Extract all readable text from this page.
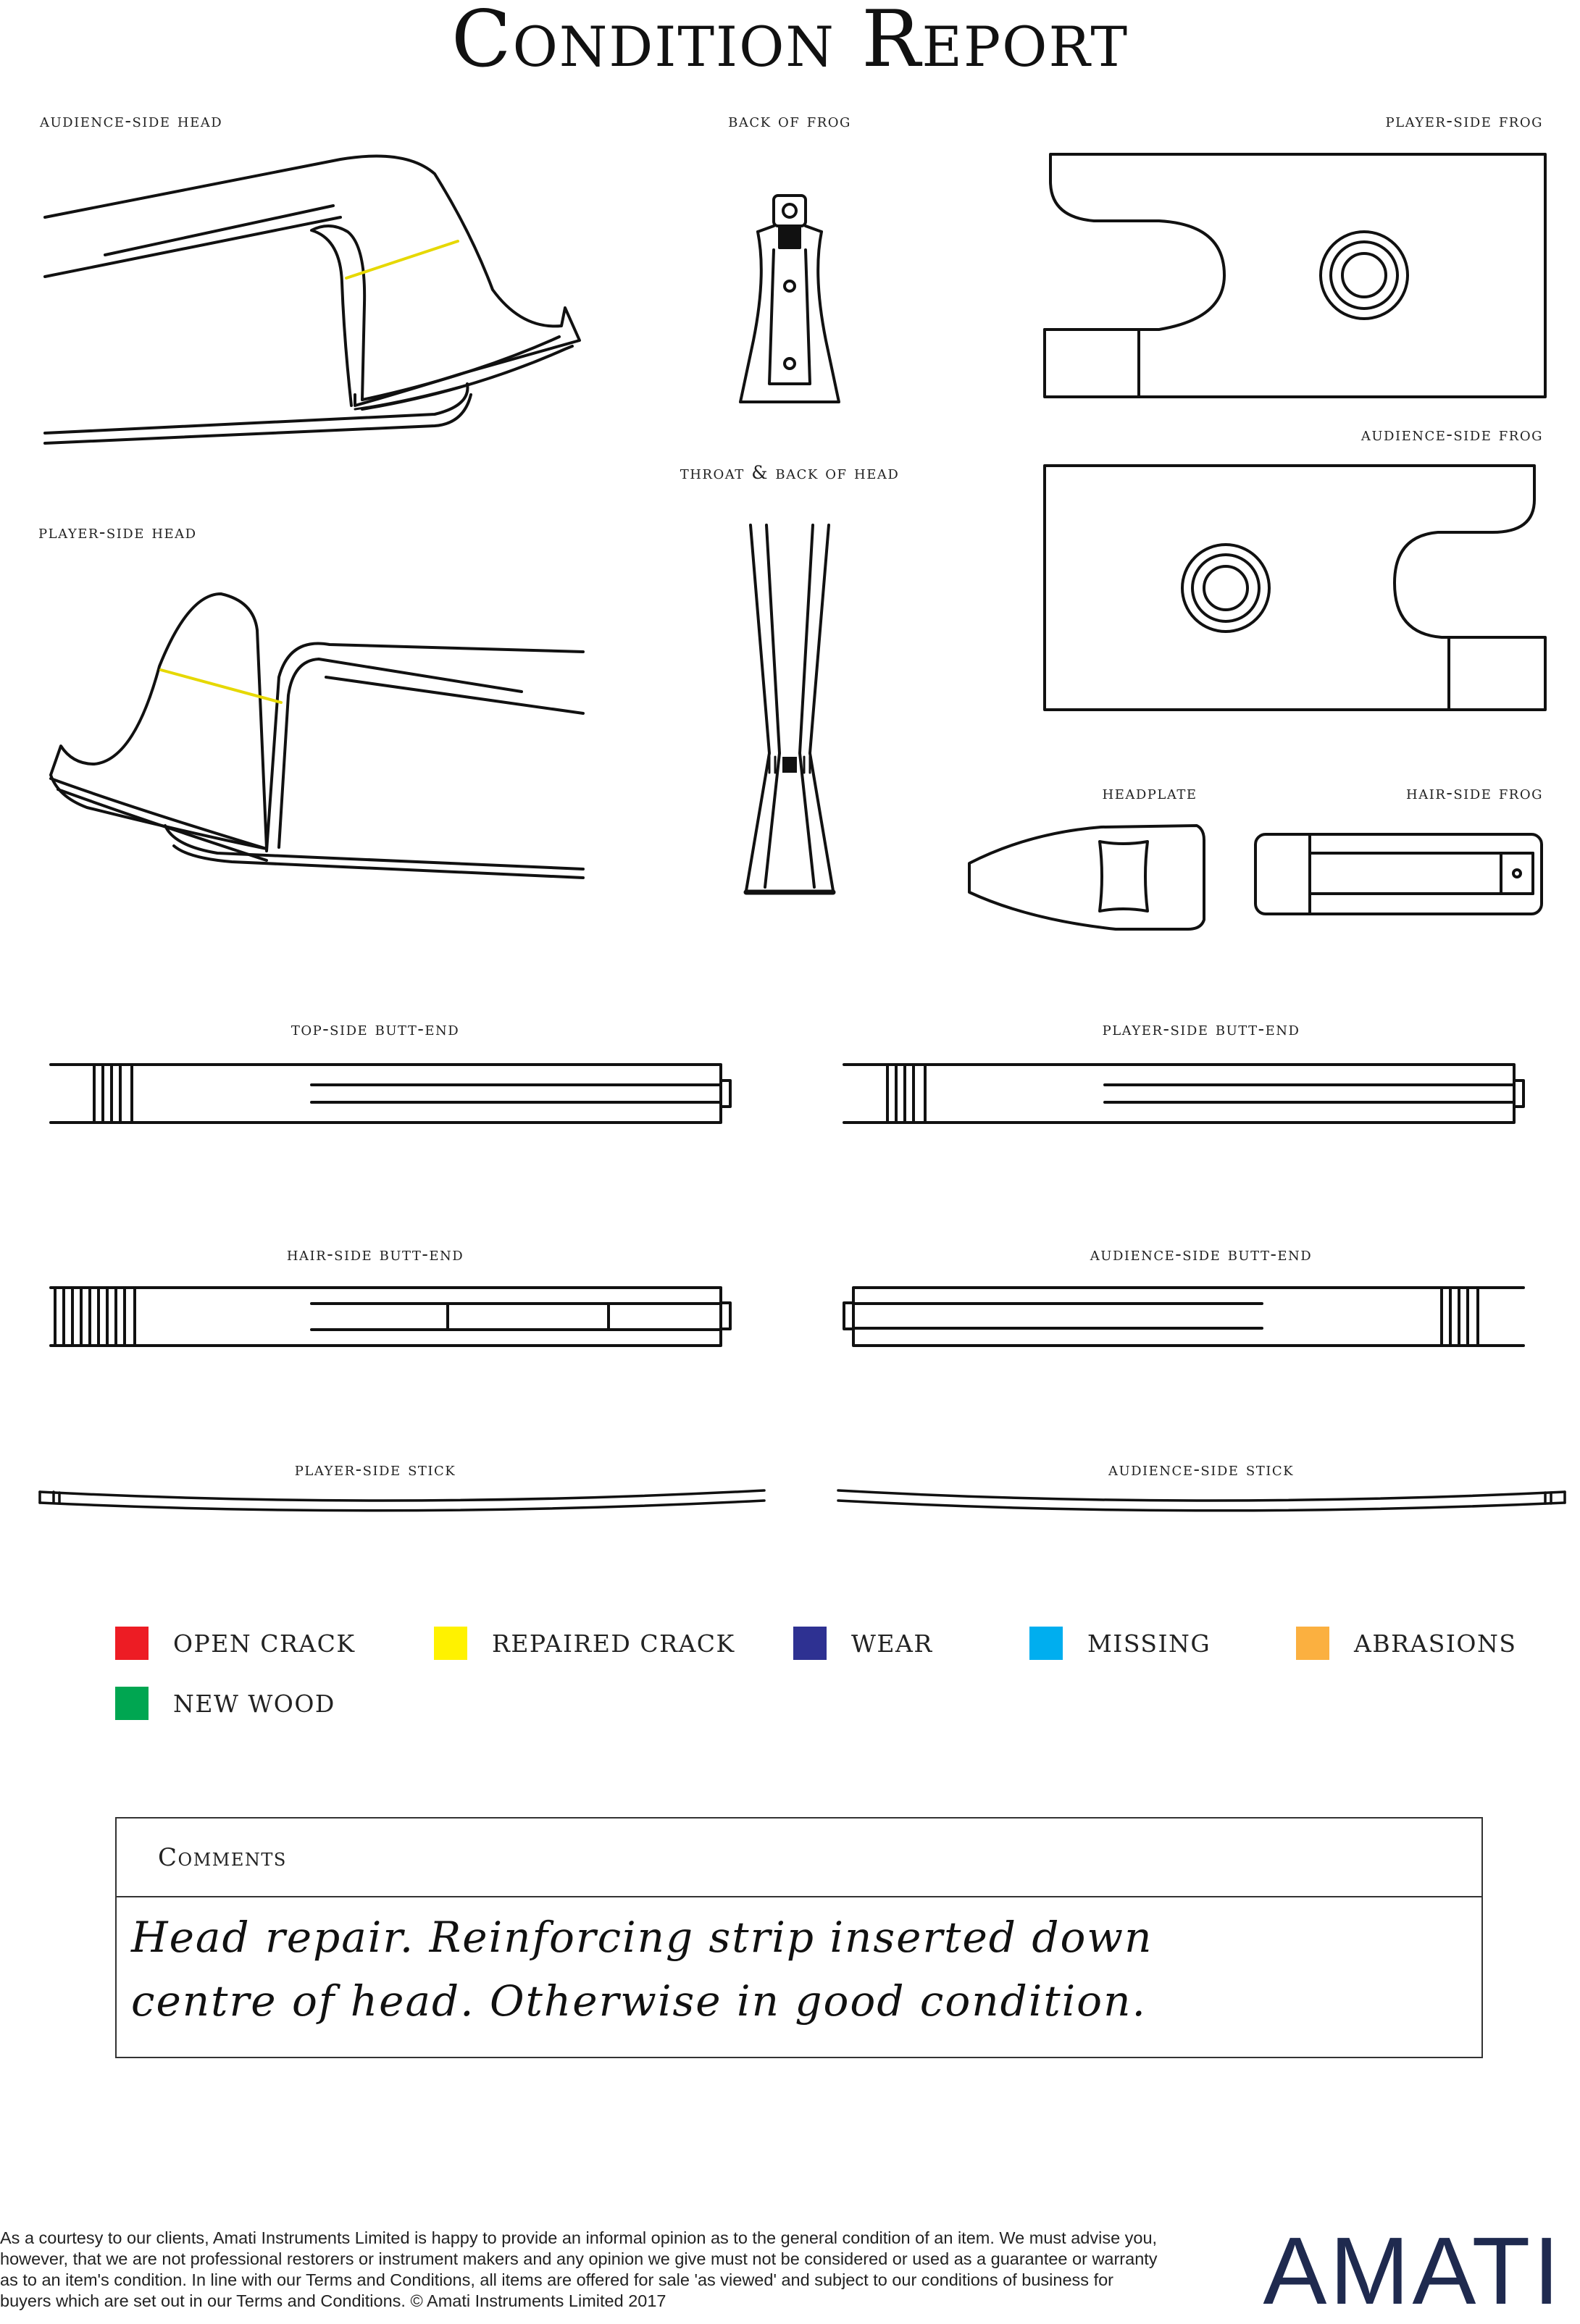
Condition Report
audience-side head	back of frog	player-side frog
audience-side frog
throat & back of head
player-side head
headplate	hair-side frog
top-side butt-end	player-side butt-end
hair-side butt-end	audience-side butt-end
player-side stick	audience-side stick
OPEN CRACK	REPAIRED CRACK	WEAR	MISSING	ABRASIONS
NEW WOOD
Comments
Head repair. Reinforcing strip inserted down
centre of head. Otherwise in good condition.
As a courtesy to our clients, Amati Instruments Limited is happy to provide an informal opinion as to the general condition of an item. We must advise you, however, that we are not professional restorers or instrument makers and any opinion we give must not be considered or used as a guarantee or warranty as to an item's condition. In line with our Terms and Conditions, all items are offered for sale 'as viewed' and subject to our conditions of business for buyers which are set out in our Terms and Conditions. © Amati Instruments Limited 2017	AMATI
